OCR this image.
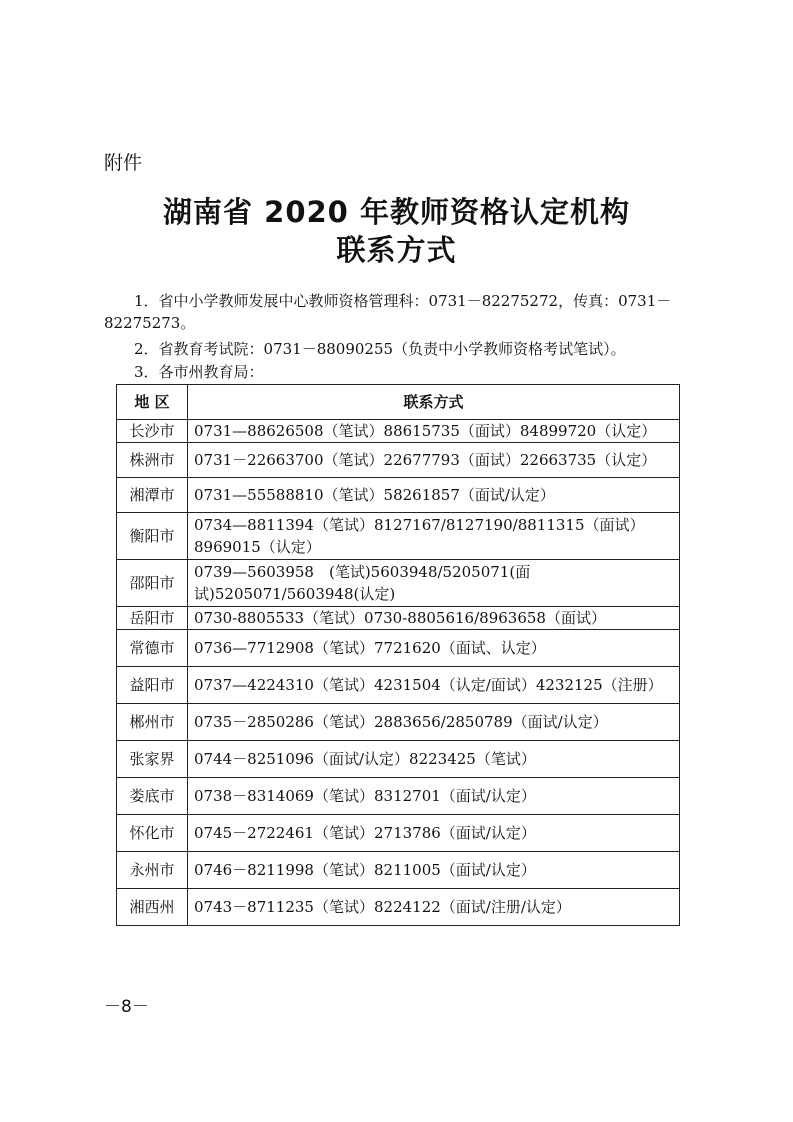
附件
湖南省 2020 年教师资格认定机构
联系方式
1．省中小学教师发展中心教师资格管理科：0731－82275272，传真：0731－82275273。
2．省教育考试院：0731－88090255（负责中小学教师资格考试笔试）。
3．各市州教育局：
地 区	联系方式
长沙市	0731—88626508（笔试）88615735（面试）84899720（认定）
株洲市	0731－22663700（笔试）22677793（面试）22663735（认定）
湘潭市	0731—55588810（笔试）58261857（面试/认定）
衡阳市	0734—8811394（笔试）8127167/8127190/8811315（面试）8969015（认定）
邵阳市	0739—5603958　(笔试)5603948/5205071(面试)5205071/5603948(认定)
岳阳市	0730-8805533（笔试）0730-8805616/8963658（面试）
常德市	0736—7712908（笔试）7721620（面试、认定）
益阳市	0737—4224310（笔试）4231504（认定/面试）4232125（注册）
郴州市	0735－2850286（笔试）2883656/2850789（面试/认定）
张家界	0744－8251096（面试/认定）8223425（笔试）
娄底市	0738－8314069（笔试）8312701（面试/认定）
怀化市	0745－2722461（笔试）2713786（面试/认定）
永州市	0746－8211998（笔试）8211005（面试/认定）
湘西州	0743－8711235（笔试）8224122（面试/注册/认定）
－8－
